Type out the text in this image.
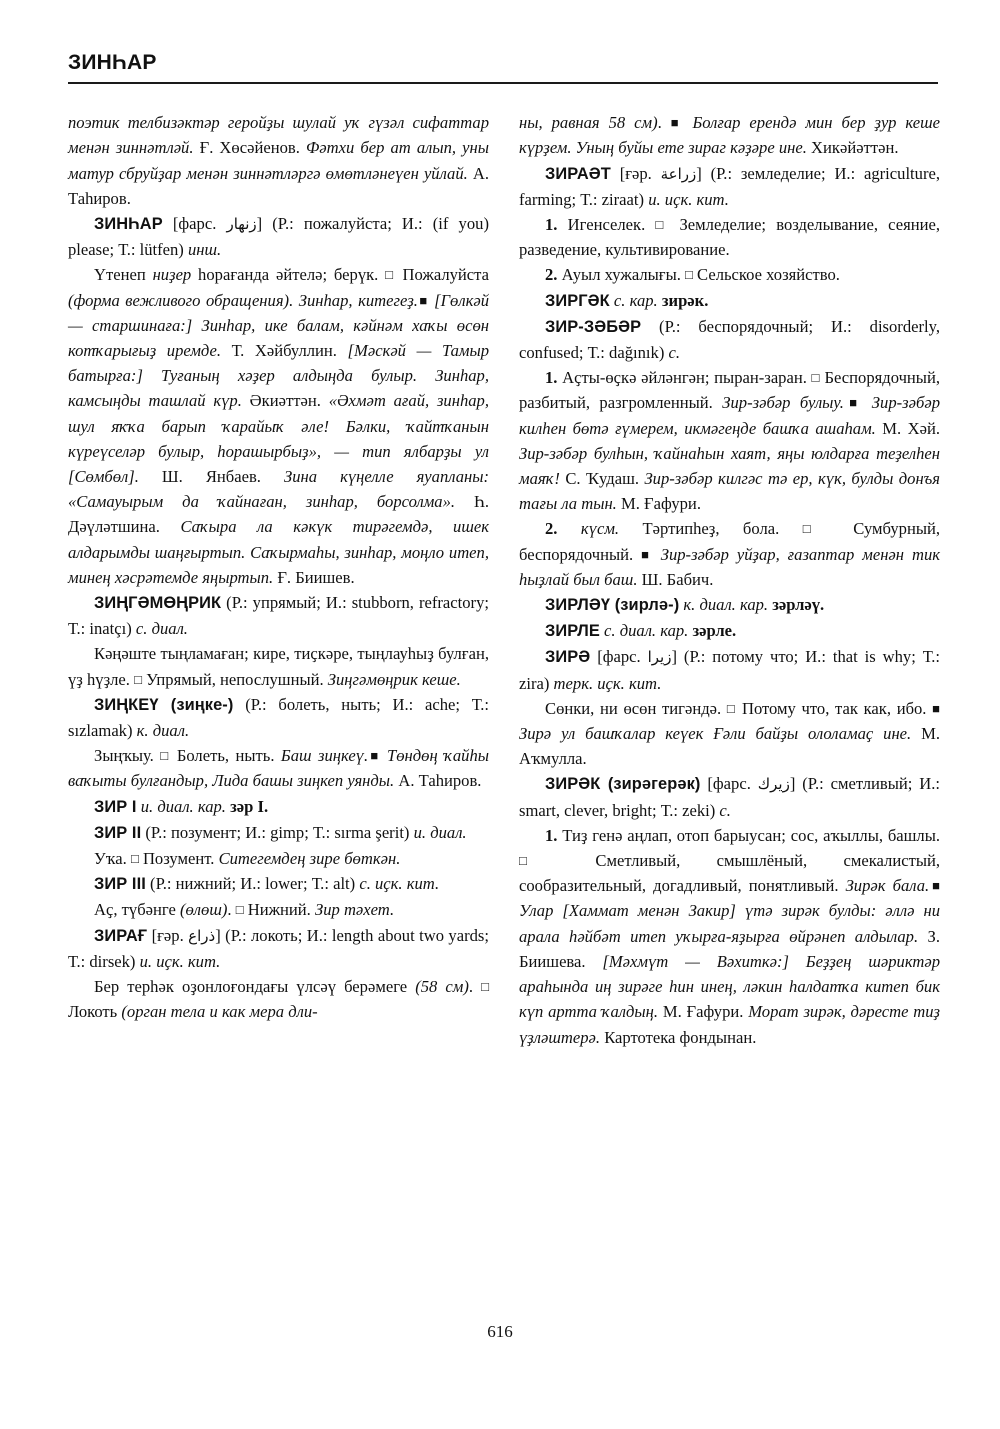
ЗИНҺАР

поэтик телбизәктәр геройҙы шулай уҡ гүзәл сифаттар менән зиннәтләй. Ғ. Хөсәйенов. Фәтхи бер ат алып, уны матур сбруйҙар менән зиннәтләргә өмөтләнеүен уйлай. А. Таһиров.

ЗИНҺАР [фарс. زنهار] (Р.: пожалуйста; И.: (if you) please; Т.: lütfen) инш.

Үтенеп ниҙер һорағанда әйтелә; берүк. □ Пожалуйста (форма вежливого обращения). Зинһар, китегеҙ.■ [Гөлкәй — старшинаға:] Зинһар, ике балам, кәйнәм хаҡы өсөн котҡарығыҙ иремде. Т. Хәйбуллин. [Мәскәй — Тамыр батырға:] Туғаның хәҙер алдыңда булыр. Зинһар, камсыңды ташлай күр. Әкиәттән. «Әхмәт ағай, зинһар, шул яҡҡа барып ҡарайыҡ әле! Бәлки, ҡайтҡанын күреүселәр булыр, һорашырбыҙ», — тип ялбарҙы ул [Сөмбөл]. Ш. Янбаев. Зина күңелле яуапланы: «Самауырым да ҡайнаған, зинһар, борсолма». Һ. Дәүләтшина. Саҡыра ла кәкүк тирәгемдә, ишек алдарымды шаңғыртып. Саҡырмаһы, зинһар, моңло итеп, минең хәсрәтемде яңыртып. Ғ. Биишев.

ЗИҢГӘМӨҢРИК (Р.: упрямый; И.: stubborn, refractory; Т.: inatçı) с. диал.

Кәңәште тыңламаған; кире, тиҫкәре, тыңлауһыҙ булған, үҙ һүҙле. □ Упрямый, непослушный. Зиңгәмөңрик кеше.

ЗИҢКЕҮ (зиңке-) (Р.: болеть, ныть; И.: ache; Т.: sızlamak) к. диал.

Зыңҡыу. □ Болеть, ныть. Баш зиңкеү.■ Төндөң ҡайһы ваҡыты булғандыр, Лида башы зиңкеп уянды. А. Таһиров.

ЗИР I и. диал. кар. зәр I.

ЗИР II (Р.: позумент; И.: gimp; Т.: sırma şerit) и. диал.

Уҡа. □ Позумент. Ситегемдең зире бөткән.

ЗИР III (Р.: нижний; И.: lower; Т.: alt) с. иҫк. кит.

Аҫ, түбәнге (өлөш). □ Нижний. Зир тәхет.

ЗИРАҒ [ғәр. ذراع] (Р.: локоть; И.: length about two yards; Т.: dirsek) и. иҫк. кит.

Бер терһәк оҙонлоғондағы үлсәү берәмеге (58 см). □ Локоть (орган тела и как мера дли-

ны, равная 58 см). ■ Болғар ерендә мин бер ҙур кеше күрҙем. Уның буйы ете зираг кәҙәре ине. Хикәйәттән.

ЗИРАӘТ [ғәр. زراعة] (Р.: земледелие; И.: agriculture, farming; Т.: ziraat) и. иҫк. кит.

1. Игенселек. □ Земледелие; возделывание, сеяние, разведение, культивирование.

2. Ауыл хужалығы. □ Сельское хозяйство.

ЗИРГӘК с. кар. зирәк.

ЗИР-ЗӘБӘР (Р.: беспорядочный; И.: disorderly, confused; Т.: dağınık) с.

1. Аҫты-өҫкә әйләнгән; пыран-заран. □ Беспорядочный, разбитый, разгромленный. Зир-зәбәр булыу.■ Зир-зәбәр килһен бөтә ғүмерем, икмәгеңде башҡа ашаһам. М. Хәй. Зир-зәбәр булһын, ҡайнаһын хаят, яңы юлдарға теҙелһен маяҡ! С. Ҡудаш. Зир-зәбәр килгәс тә ер, күк, булды донъя тағы ла тын. М. Ғафури.

2. күсм. Тәртипһеҙ, бола. □ Сумбурный, беспорядочный. ■ Зир-зәбәр уйҙар, ғазаптар менән тик һыҙлай был баш. Ш. Бабич.

ЗИРЛӘҮ (зирлә-) к. диал. кар. зәрләү.

ЗИРЛЕ с. диал. кар. зәрле.

ЗИРӘ [фарс. زيرا] (Р.: потому что; И.: that is why; Т.: zira) терк. иҫк. кит.

Сөнки, ни өсөн тигәндә. □ Потому что, так как, ибо. ■ Зирә ул башҡалар кеүек Ғәли байҙы ололамаҫ ине. М. Аҡмулла.

ЗИРӘК (зирәгерәк) [фарс. زيرك] (Р.: сметливый; И.: smart, clever, bright; Т.: zeki) с.

1. Тиҙ генә аңлап, отоп барыусан; сос, аҡыллы, башлы. □ Сметливый, смышлёный, смекалистый, сообразительный, догадливый, понятливый. Зирәк бала.■ Улар [Хаммат менән Закир] үтә зирәк булды: әллә ни арала һәйбәт итеп уҡырға-яҙырға өйрәнеп алдылар. З. Биишева. [Мәхмүт — Вәхиткә:] Беҙҙең шәриктәр араһында иң зирәге һин инең, ләкин һалдатҡа китеп бик күп артта ҡалдың. М. Ғафури. Морат зирәк, дәресте тиҙ үҙләштерә. Картотека фондынан.

616
